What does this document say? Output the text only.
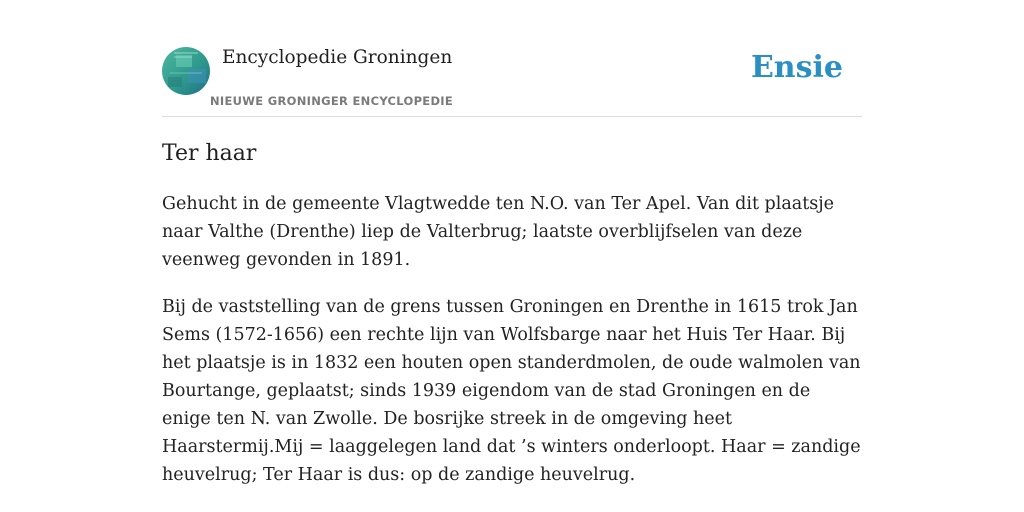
Encyclopedie Groningen
NIEUWE GRONINGER ENCYCLOPEDIE
Ensie
Ter haar

Gehucht in de gemeente Vlagtwedde ten N.O. van Ter Apel. Van dit plaatsje naar Valthe (Drenthe) liep de Valterbrug; laatste overblijfselen van deze veenweg gevonden in 1891.

Bij de vaststelling van de grens tussen Groningen en Drenthe in 1615 trok Jan Sems (1572-1656) een rechte lijn van Wolfsbarge naar het Huis Ter Haar. Bij het plaatsje is in 1832 een houten open standerdmolen, de oude walmolen van Bourtange, geplaatst; sinds 1939 eigendom van de stad Groningen en de enige ten N. van Zwolle. De bosrijke streek in de omgeving heet Haarstermij.Mij = laaggelegen land dat ’s winters onderloopt. Haar = zandige heuvelrug; Ter Haar is dus: op de zandige heuvelrug.
